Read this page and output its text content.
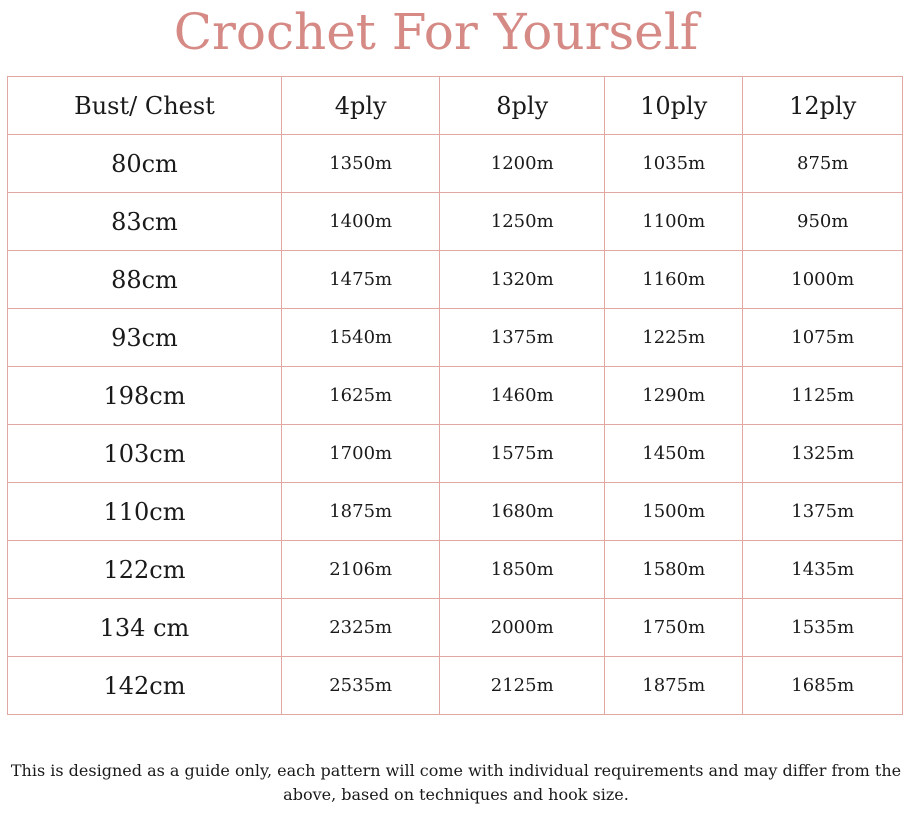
Crochet For Yourself
Bust/ Chest	4ply	8ply	10ply	12ply
80cm	1350m	1200m	1035m	875m
83cm	1400m	1250m	1100m	950m
88cm	1475m	1320m	1160m	1000m
93cm	1540m	1375m	1225m	1075m
198cm	1625m	1460m	1290m	1125m
103cm	1700m	1575m	1450m	1325m
110cm	1875m	1680m	1500m	1375m
122cm	2106m	1850m	1580m	1435m
134 cm	2325m	2000m	1750m	1535m
142cm	2535m	2125m	1875m	1685m
This is designed as a guide only, each pattern will come with individual requirements and may differ from the
above, based on techniques and hook size.
